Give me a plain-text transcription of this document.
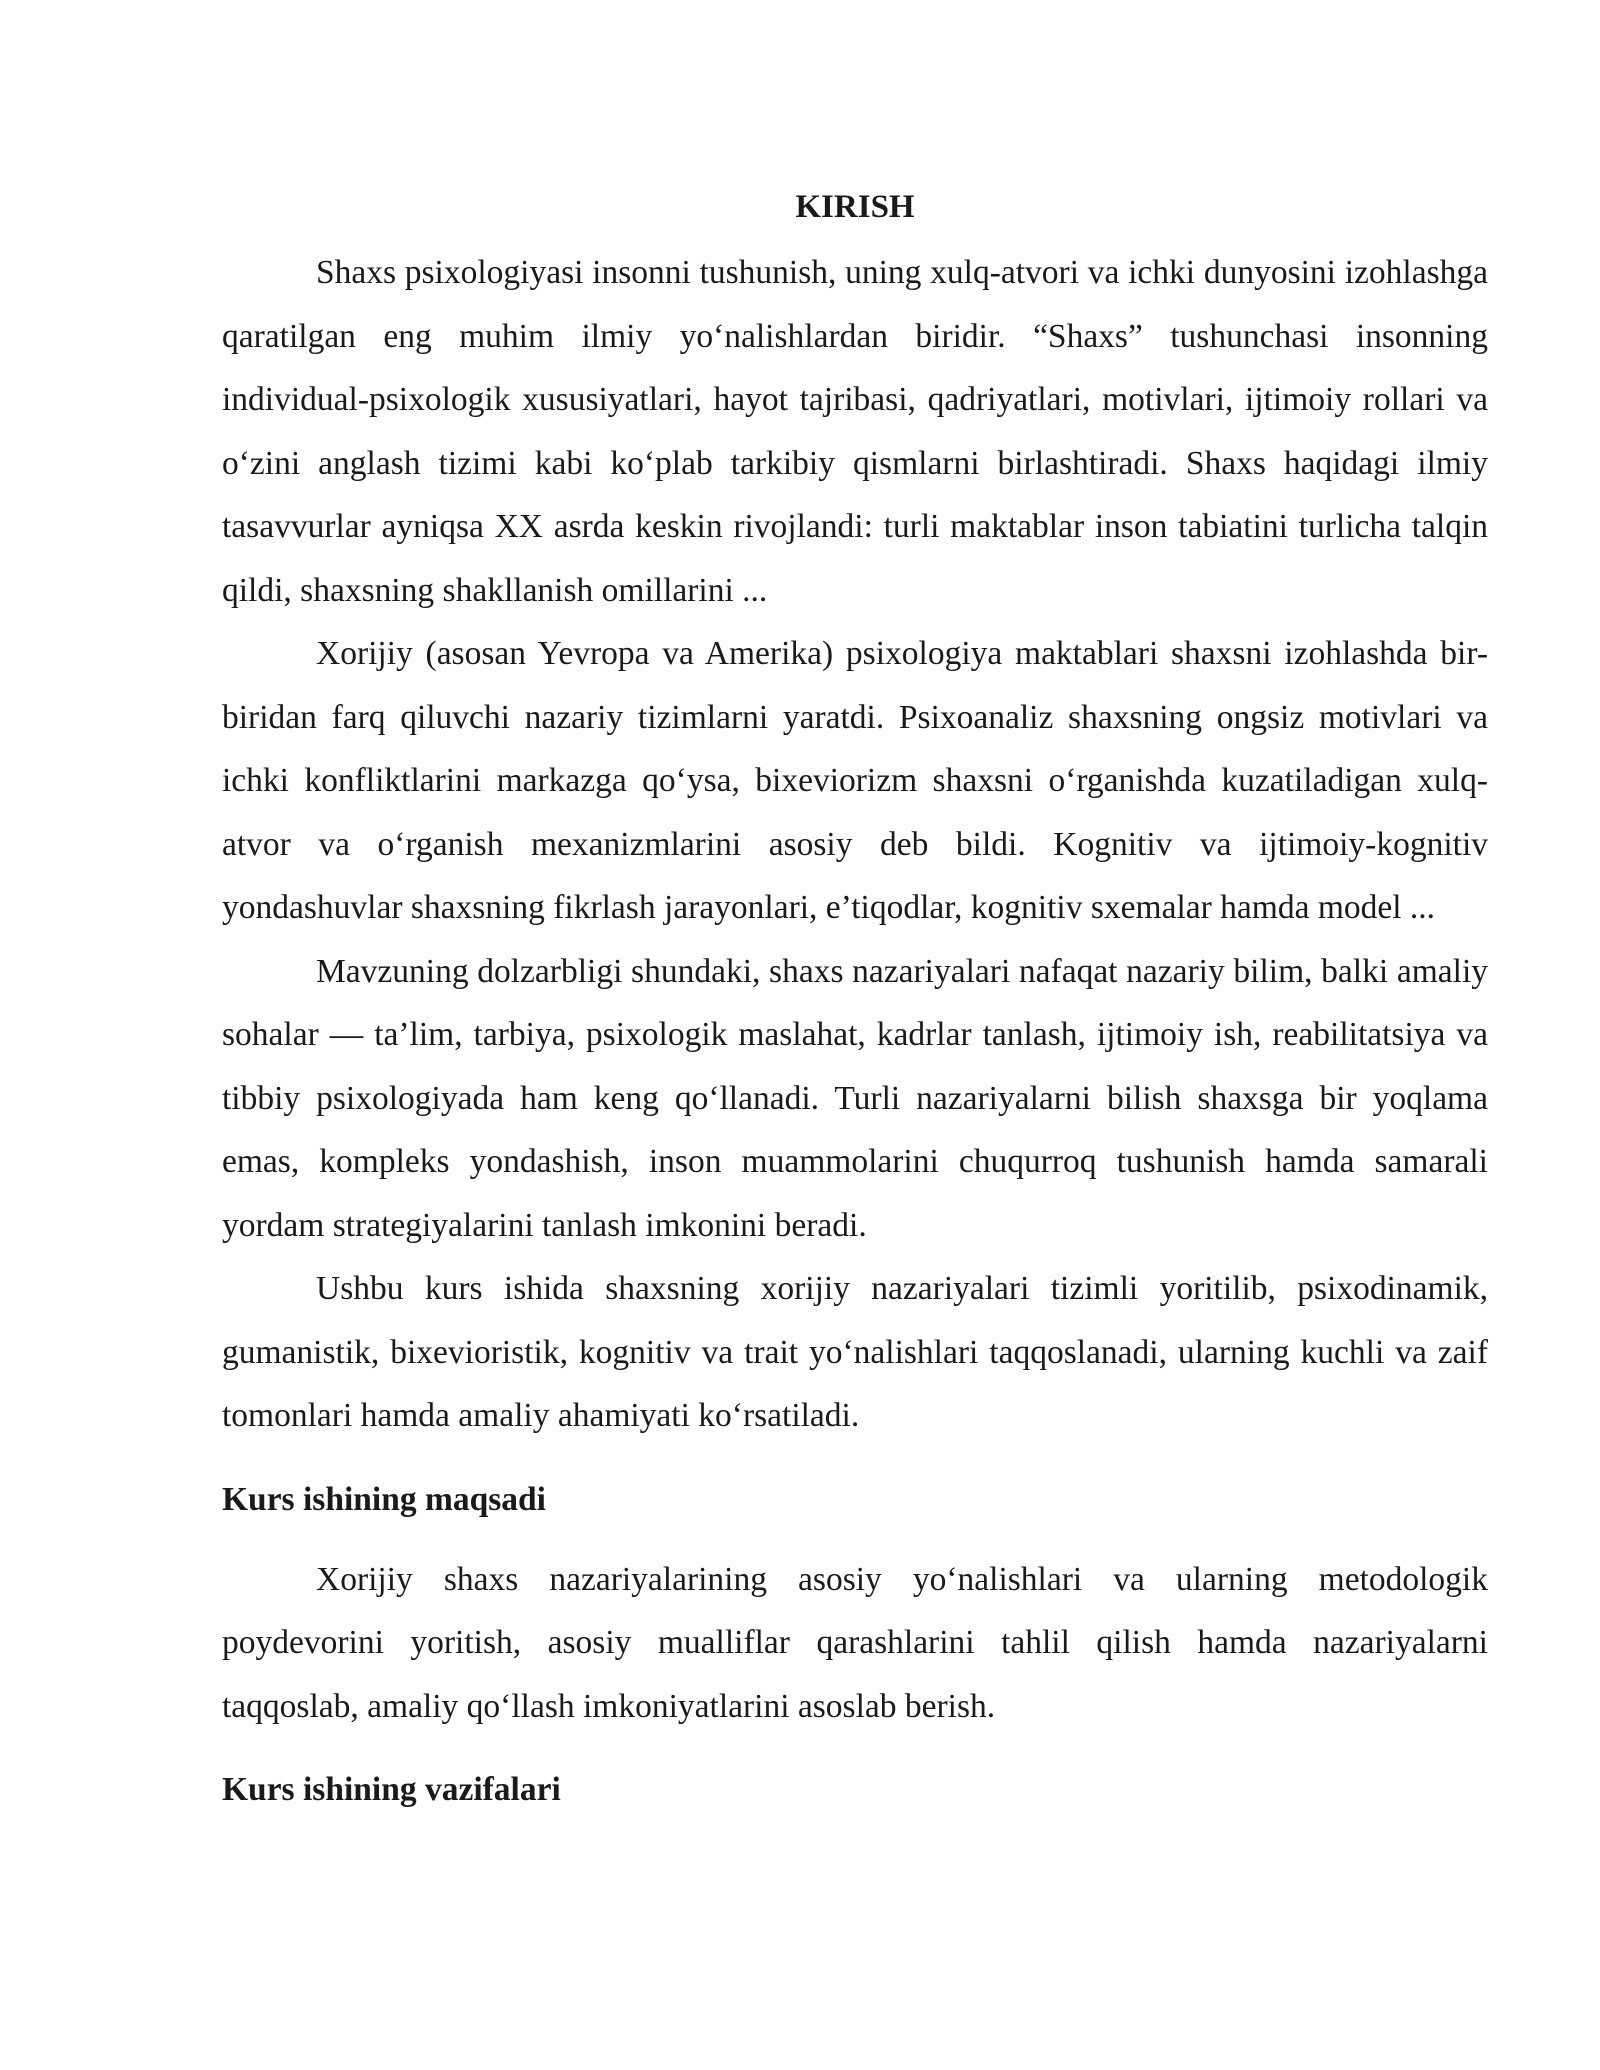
KIRISH

Shaxs psixologiyasi insonni tushunish, uning xulq-atvori va ichki dunyosini izohlashga qaratilgan eng muhim ilmiy yo‘nalishlardan biridir. “Shaxs” tushunchasi insonning individual-psixologik xususiyatlari, hayot tajribasi, qadriyatlari, motivlari, ijtimoiy rollari va o‘zini anglash tizimi kabi ko‘plab tarkibiy qismlarni birlashtiradi. Shaxs haqidagi ilmiy tasavvurlar ayniqsa XX asrda keskin rivojlandi: turli maktablar inson tabiatini turlicha talqin qildi, shaxsning shakllanish omillarini ...

Xorijiy (asosan Yevropa va Amerika) psixologiya maktablari shaxsni izohlashda bir-biridan farq qiluvchi nazariy tizimlarni yaratdi. Psixoanaliz shaxsning ongsiz motivlari va ichki konfliktlarini markazga qo‘ysa, bixeviorizm shaxsni o‘rganishda kuzatiladigan xulq-atvor va o‘rganish mexanizmlarini asosiy deb bildi. Kognitiv va ijtimoiy-kognitiv yondashuvlar shaxsning fikrlash jarayonlari, e’tiqodlar, kognitiv sxemalar hamda model ...

Mavzuning dolzarbligi shundaki, shaxs nazariyalari nafaqat nazariy bilim, balki amaliy sohalar — ta’lim, tarbiya, psixologik maslahat, kadrlar tanlash, ijtimoiy ish, reabilitatsiya va tibbiy psixologiyada ham keng qo‘llanadi. Turli nazariyalarni bilish shaxsga bir yoqlama emas, kompleks yondashish, inson muammolarini chuqurroq tushunish hamda samarali yordam strategiyalarini tanlash imkonini beradi.

Ushbu kurs ishida shaxsning xorijiy nazariyalari tizimli yoritilib, psixodinamik, gumanistik, bixevioristik, kognitiv va trait yo‘nalishlari taqqoslanadi, ularning kuchli va zaif tomonlari hamda amaliy ahamiyati ko‘rsatiladi.

Kurs ishining maqsadi

Xorijiy shaxs nazariyalarining asosiy yo‘nalishlari va ularning metodologik poydevorini yoritish, asosiy mualliflar qarashlarini tahlil qilish hamda nazariyalarni taqqoslab, amaliy qo‘llash imkoniyatlarini asoslab berish.

Kurs ishining vazifalari
